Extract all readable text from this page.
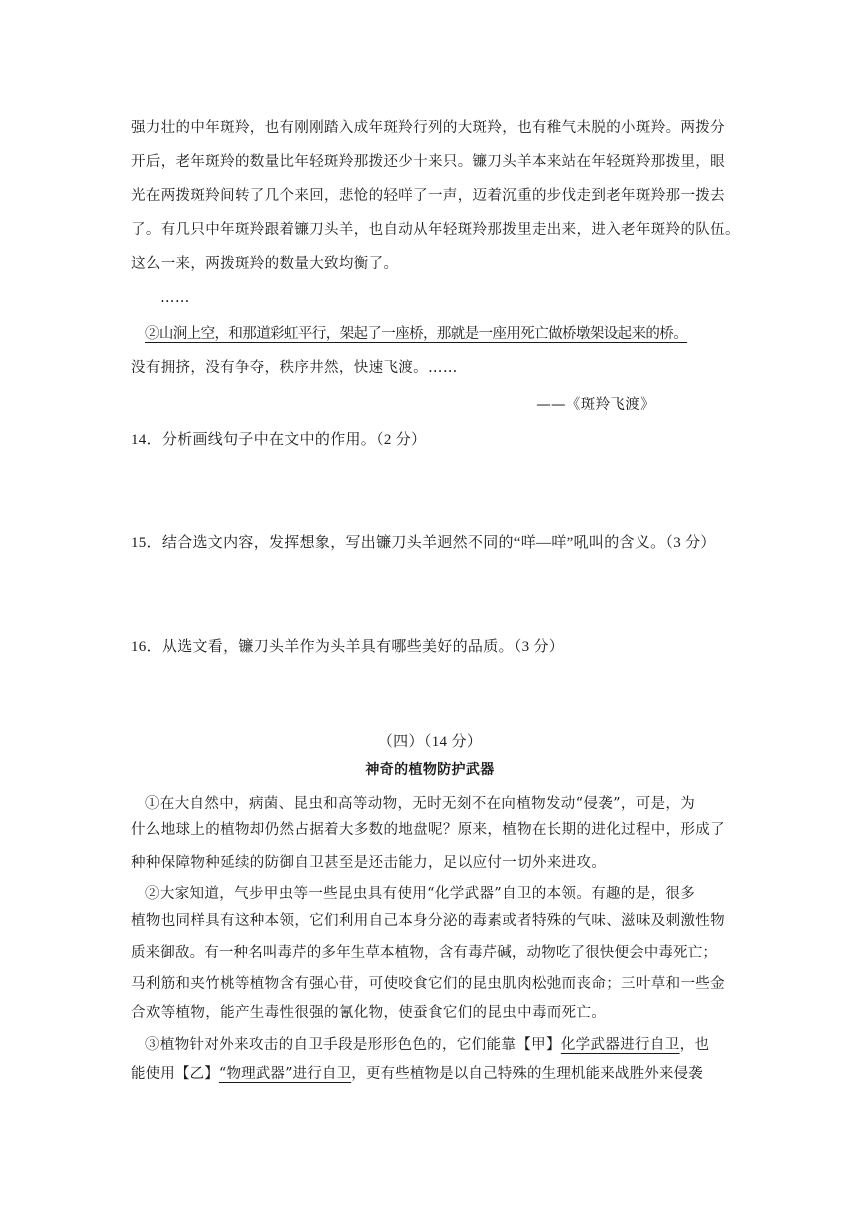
强力壮的中年斑羚，也有刚刚踏入成年斑羚行列的大斑羚，也有稚气未脱的小斑羚。两拨分
开后，老年斑羚的数量比年轻斑羚那拨还少十来只。镰刀头羊本来站在年轻斑羚那拨里，眼
光在两拨斑羚间转了几个来回，悲怆的轻咩了一声，迈着沉重的步伐走到老年斑羚那一拨去
了。有几只中年斑羚跟着镰刀头羊，也自动从年轻斑羚那拨里走出来，进入老年斑羚的队伍。
这么一来，两拨斑羚的数量大致均衡了。
……
②山涧上空，和那道彩虹平行，架起了一座桥，那就是一座用死亡做桥墩架设起来的桥。
没有拥挤，没有争夺，秩序井然，快速飞渡。……
——《斑羚飞渡》
14．分析画线句子中在文中的作用。（2 分）
15．结合选文内容，发挥想象，写出镰刀头羊迥然不同的“咩—咩”吼叫的含义。（3 分）
16．从选文看，镰刀头羊作为头羊具有哪些美好的品质。（3 分）
（四）（14 分）
神奇的植物防护武器
①在大自然中，病菌、昆虫和高等动物，无时无刻不在向植物发动“侵袭”，可是，为
什么地球上的植物却仍然占据着大多数的地盘呢？原来，植物在长期的进化过程中，形成了
种种保障物种延续的防御自卫甚至是还击能力，足以应付一切外来进攻。
②大家知道，气步甲虫等一些昆虫具有使用“化学武器”自卫的本领。有趣的是，很多
植物也同样具有这种本领，它们利用自己本身分泌的毒素或者特殊的气味、滋味及刺激性物
质来御敌。有一种名叫毒芹的多年生草本植物，含有毒芹碱，动物吃了很快便会中毒死亡；
马利筋和夹竹桃等植物含有强心苷，可使咬食它们的昆虫肌肉松弛而丧命；三叶草和一些金
合欢等植物，能产生毒性很强的氰化物，使蚕食它们的昆虫中毒而死亡。
③植物针对外来攻击的自卫手段是形形色色的，它们能靠【甲】化学武器进行自卫，也
能使用【乙】“物理武器”进行自卫，更有些植物是以自己特殊的生理机能来战胜外来侵袭
